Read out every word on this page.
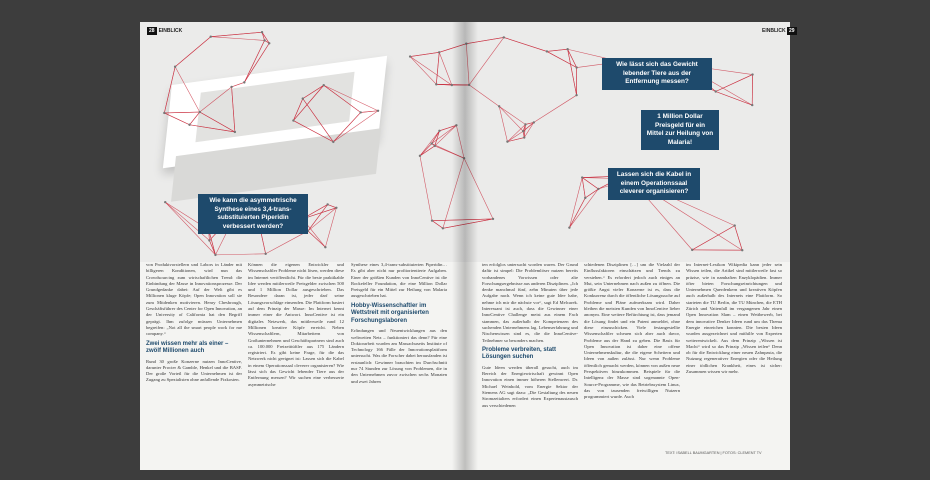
28 EINBLICK	EINBLICK 29
Wie kann die asymmetrische Synthese eines 3,4-trans-substituierten Piperidin verbessert werden?
Wie lässt sich das Gewicht lebender Tiere aus der Entfernung messen?
1 Million Dollar Preisgeld für ein Mittel zur Heilung von Malaria!
Lassen sich die Kabel in einem Operationssaal cleverer organisieren?

von Produktvorstellern und Labors in Länder mit billigeren Konditionen, wird nun das Crowdsourcing zum wirtschaftlichen Trend: die Einbindung der Masse in Innovationsprozesse. Der Grundgedanke dabei: Auf der Welt gibt es Millionen kluge Köpfe; Open Innovation soll sie zum Mitdenken motivieren. Henry Chesbrough, Geschäftsführer des Center for Open Innovation, an der University of California hat den Begriff geprägt. Ihm zufolge müssen Unternehmen begreifen: „Not all the smart people work for me company.“

Zwei wissen mehr als einer – zwölf Millionen auch

Rund 30 große Konzerne nutzen InnoCentive, darunter Procter & Gamble, Henkel und die BASF. Der große Vorteil für die Unternehmen ist der Zugang zu Spezialisten ohne anfallende Fixkosten.

Können die eigenen Entwickler und Wissenschaftler Probleme nicht lösen, werden diese im Internet veröffentlicht. Für die beste praktikable Idee werden mittlerweile Preisgelder zwischen 500 und 1 Million Dollar ausgeschrieben. Das Besondere daran ist, jeder darf seine Lösungsvorschläge einsenden. Die Plattform basiert auf dem Prinzip der Masse: Im Internet kennt immer einer die Antwort. InnoCentive ist ein digitales Netzwerk, das mittlerweile rund 12 Millionen kreative Köpfe erreicht. Neben Wissenschaftlern, Mitarbeitern von Großunternehmen und Geschäftspartnern sind auch ca. 100.000 Freizeittüftler aus 175 Ländern registriert. Es gibt keine Frage, für die das Netzwerk nicht geeignet ist: Lassen sich die Kabel in einem Operationssaal cleverer organisieren? Wie lässt sich das Gewicht lebender Tiere aus der Entfernung messen? Wir suchen eine verbesserte asymmetrische

Synthese eines 3,4-trans-substituierten Piperidin… Es gibt aber nicht nur profitorientierte Aufgaben. Einer der größten Kunden von InnoCentive ist die Rockefeller Foundation, die eine Million Dollar Preisgeld für ein Mittel zur Heilung von Malaria ausgeschrieben hat.

Hobby-Wissenschaftler im Wettstreit mit organisierten Forschungslaboren

Erfindungen und Neuentwicklungen aus den weltweiten Netz – funktioniert das denn? Für eine Doktorarbeit wurden am Massachusetts Institute of Technology 166 Fälle der Innovationsplattform untersucht. Was die Forscher dabei herausfanden ist erstaunlich: Gewinner brauchten im Durchschnitt nur 74 Stunden zur Lösung von Problemen, die in den Unternehmen zuvor zwischen sechs Monaten und zwei Jahren

ten erfolglos untersucht worden waren. Der Grund dafür ist simpel: Die Problemlöser nutzen bereits vorhandenes Vorwissen oder alte Forschungsergebnisse aus anderen Disziplinen. „Ich denke manchmal fünf, zehn Minuten über jede Aufgabe nach. Wenn ich keine gute Idee habe, nehme ich mir die nächste vor“, sagt Ed Melcarek. Interessant ist auch, dass die Gewinner einer InnoCentive Challenge meist aus einem Fach stammen, das außerhalb der Kompetenzen des suchenden Unternehmens lag. Lebenserfahrung und Nischenwissen sind es, die die InnoCentive-Teilnehmer so besonders machen.

Probleme verbreiten, statt Lösungen suchen

Gute Ideen werden überall gesucht, auch im Bereich der Energiewirtschaft gewinnt Open Innovation einen immer höheren Stellenwert. Dr. Michael Weinhold, vom Energie Sektor der Siemens AG sagt dazu: „Die Gestaltung des neuen Stromzeitalters erfordert einen Expertenaustausch aus verschiedenen

schiedenen Disziplinen […] um die Vielzahl der Einflussfaktoren einschätzen und Trends zu verstehen.“ Es erfordert jedoch auch einiges an Mut, sein Unternehmen nach außen zu öffnen. Die größte Angst vieler Konzerne ist es, dass die Konkurrenz durch die öffentliche Lösungssuche auf Probleme und Pläne aufmerksam wird. Daher bleiben die meisten Kunden von InnoCentive lieber anonym. Eine weitere Befürchtung ist, dass jemand die Lösung findet und ein Patent anmeldet, ohne diese einzuschicken. Viele festangestellte Wissenschaftler scheuen sich aber auch davor, Probleme aus der Hand zu geben. Die Basis für Open Innovation ist daher eine offene Unternehmenskultur, die die eigene Scheitern und Ideen von außen zulässt. Nur wenn Probleme öffentlich gemacht werden, können von außen neue Perspektiven hinzukommen. Beispiele für die Intelligenz der Masse sind sogenannte Open-Source-Programme, wie das Betriebssystem Linux, das von tausenden freiwilligen Nutzern programmiert wurde. Auch

im Internet-Lexikon Wikipedia kann jeder sein Wissen teilen, die Artikel sind mittlerweile fast so präzise, wie in namhaften Enzyklopädien. Immer öfter bieten Forschungseinrichtungen und Unternehmen Querdenkern und kreativen Köpfen auch außerhalb des Internets eine Plattform. So starteten die TU Berlin, die TU München, die ETH Zürich und Vattenfall im vergangenen Jahr einen Open Innovation Slam – einen Wettbewerb, bei dem innovative Denker Ideen rund um das Thema Energie einreichen konnten. Die besten Ideen wurden ausgezeichnet und mithilfe von Experten weiterentwickelt. Aus dem Prinzip „Wissen ist Macht“ wird so das Prinzip „Wissen teilen“ Denn ob für die Entwicklung einer neuen Zahnpasta, die Nutzung regenerativer Energien oder die Heilung einer tödlichen Krankheit, eines ist sicher: Zusammen wissen wir mehr.

TEXT: ISABELL BAUMGARTEN | FOTOS: CLEMENT TV
